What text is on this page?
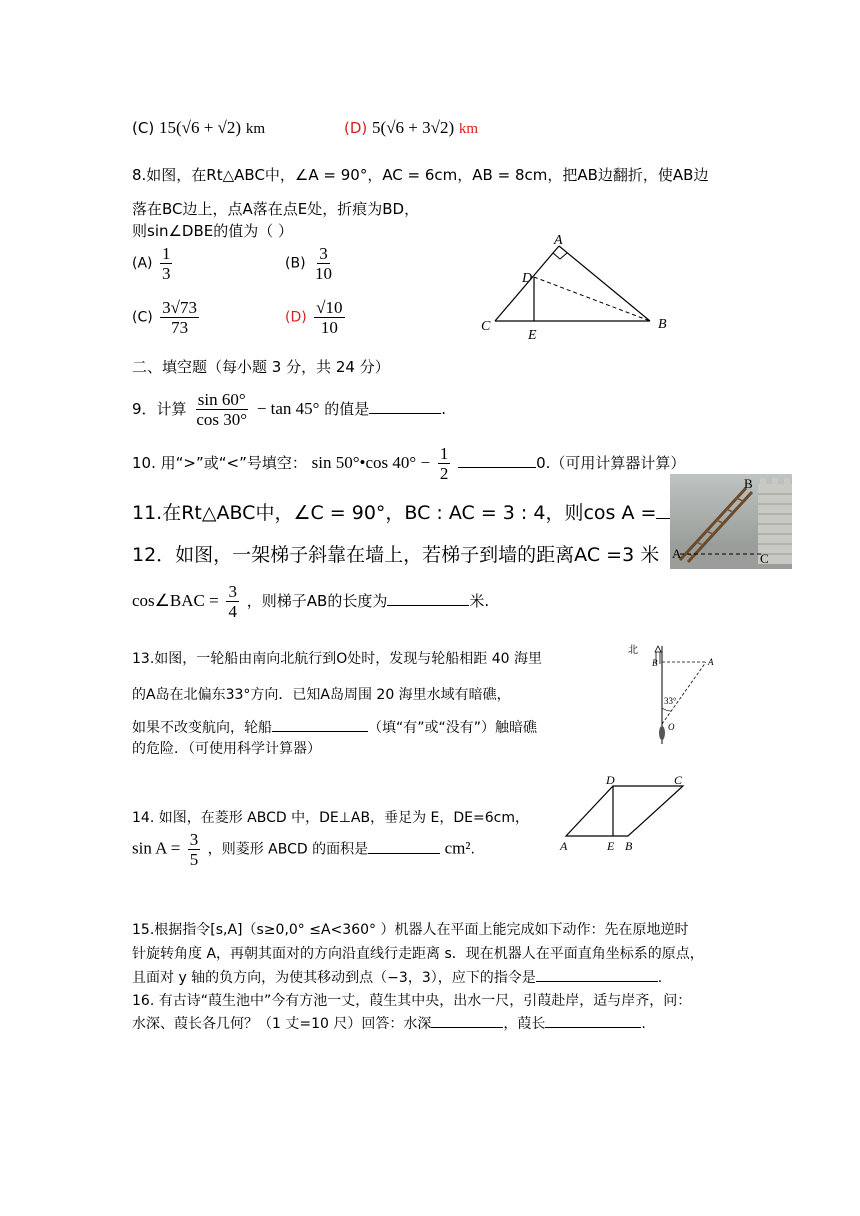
(C) 15(√6 + √2) km	(D) 5(√6 + 3√2) km
8.如图，在Rt△ABC中，∠A = 90°，AC = 6cm，AB = 8cm，把AB边翻折，使AB边
落在BC边上，点A落在点E处，折痕为BD，
则sin∠DBE的值为（ ）
$(A) \frac{1}{3}$	$(B) \frac{3}{10}$
$(C) \frac{3√73}{73}$	$(D) \frac{√10}{10}$
A
B
C
D
E
二、填空题（每小题 3 分，共 24 分）
9．计算 $\frac{\sin 60^\circ}{\cos 30^\circ} - \tan 45^\circ$ 的值是	.
10. 用“>”或“<”号填空： sin 50°•cos $40^\circ - \frac{1}{2}$	0.（可用计算器计算）
11.在Rt△ABC中，∠C = 90°，BC : AC = 3 : 4，则cos A =
12．如图，一架梯子斜靠在墙上，若梯子到墙的距离AC =3 米
cos∠BAC = $\frac{3}{4}$ ，则梯子AB的长度为	米.
B
A	C
13.如图，一轮船由南向北航行到O处时，发现与轮船相距 40 海里
的A岛在北偏东33°方向．已知A岛周围 20 海里水域有暗礁，
如果不改变航向，轮船	（填“有”或“没有”）触暗礁
的危险．（可使用科学计算器）
北
B	A
33°
O
14. 如图，在菱形 ABCD 中，DE⊥AB，垂足为 E，DE=6cm，
$\sin A = \frac{3}{5}$ ，则菱形 ABCD 的面积是	cm².
D	C
A	E B
15.根据指令[s,A]（s≥0,0° ≤A<360° ）机器人在平面上能完成如下动作：先在原地逆时
针旋转角度 A，再朝其面对的方向沿直线行走距离 s．现在机器人在平面直角坐标系的原点，
且面对 y 轴的负方向，为使其移动到点（−3，3），应下的指令是	.
16. 有古诗“葭生池中”今有方池一丈，葭生其中央，出水一尺，引葭赴岸，适与岸齐，问：
水深、葭长各几何？（1 丈=10 尺）回答：水深	，葭长	.
